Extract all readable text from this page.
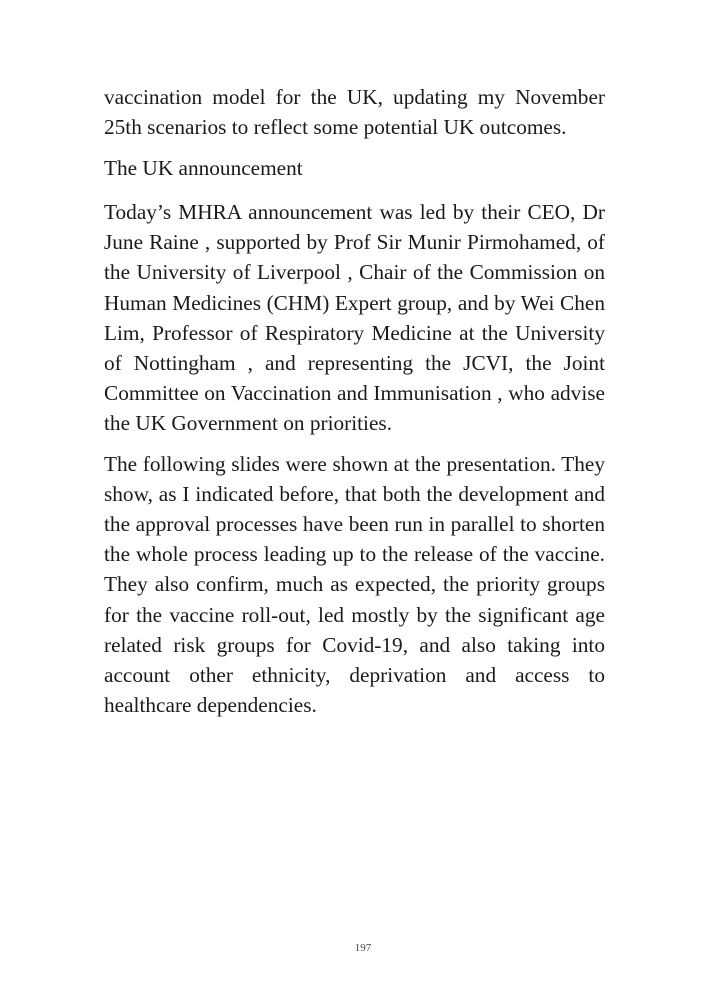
vaccination model for the UK, updating my November 25th scenarios to reflect some potential UK outcomes.

The UK announcement

Today’s MHRA announcement was led by their CEO, Dr June Raine , supported by Prof Sir Munir Pirmohamed, of the University of Liverpool , Chair of the Commission on Human Medicines (CHM) Expert group, and by Wei Chen Lim, Professor of Respiratory Medicine at the University of Nottingham , and representing the JCVI, the Joint Committee on Vaccination and Immunisation , who advise the UK Government on priorities.

The following slides were shown at the presentation. They show, as I indicated before, that both the development and the approval processes have been run in parallel to shorten the whole process leading up to the release of the vaccine. They also confirm, much as expected, the priority groups for the vaccine roll-out, led mostly by the significant age related risk groups for Covid-19, and also taking into account other ethnicity, deprivation and access to healthcare dependencies.

197
